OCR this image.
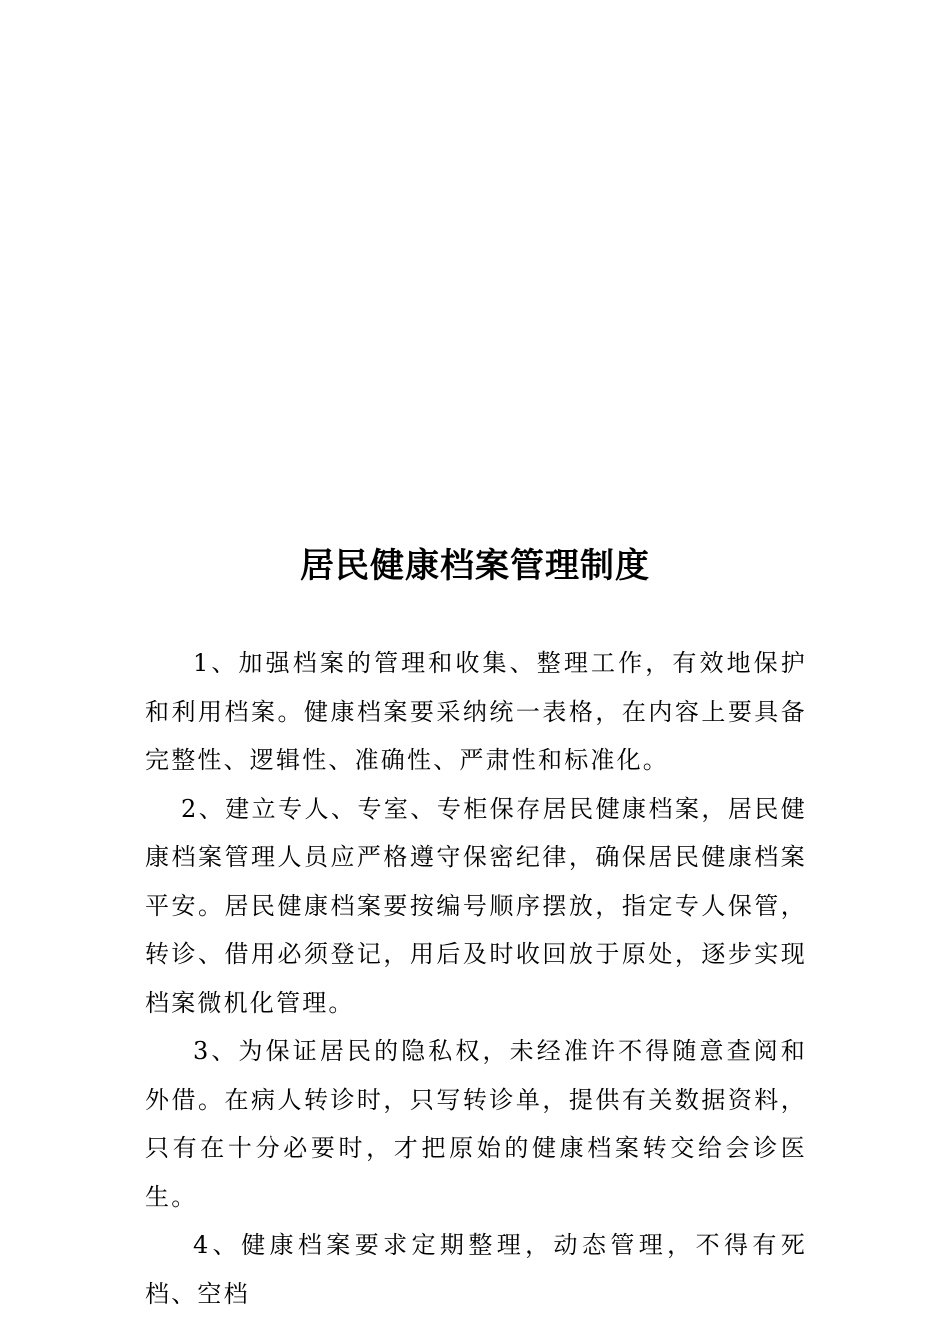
居民健康档案管理制度

1、加强档案的管理和收集、整理工作，有效地保护和利用档案。健康档案要采纳统一表格，在内容上要具备完整性、逻辑性、准确性、严肃性和标准化。

2、建立专人、专室、专柜保存居民健康档案，居民健康档案管理人员应严格遵守保密纪律，确保居民健康档案平安。居民健康档案要按编号顺序摆放，指定专人保管，转诊、借用必须登记，用后及时收回放于原处，逐步实现档案微机化管理。

3、为保证居民的隐私权，未经准许不得随意查阅和外借。在病人转诊时，只写转诊单，提供有关数据资料，只有在十分必要时，才把原始的健康档案转交给会诊医生。

4、健康档案要求定期整理，动态管理，不得有死档、空档
